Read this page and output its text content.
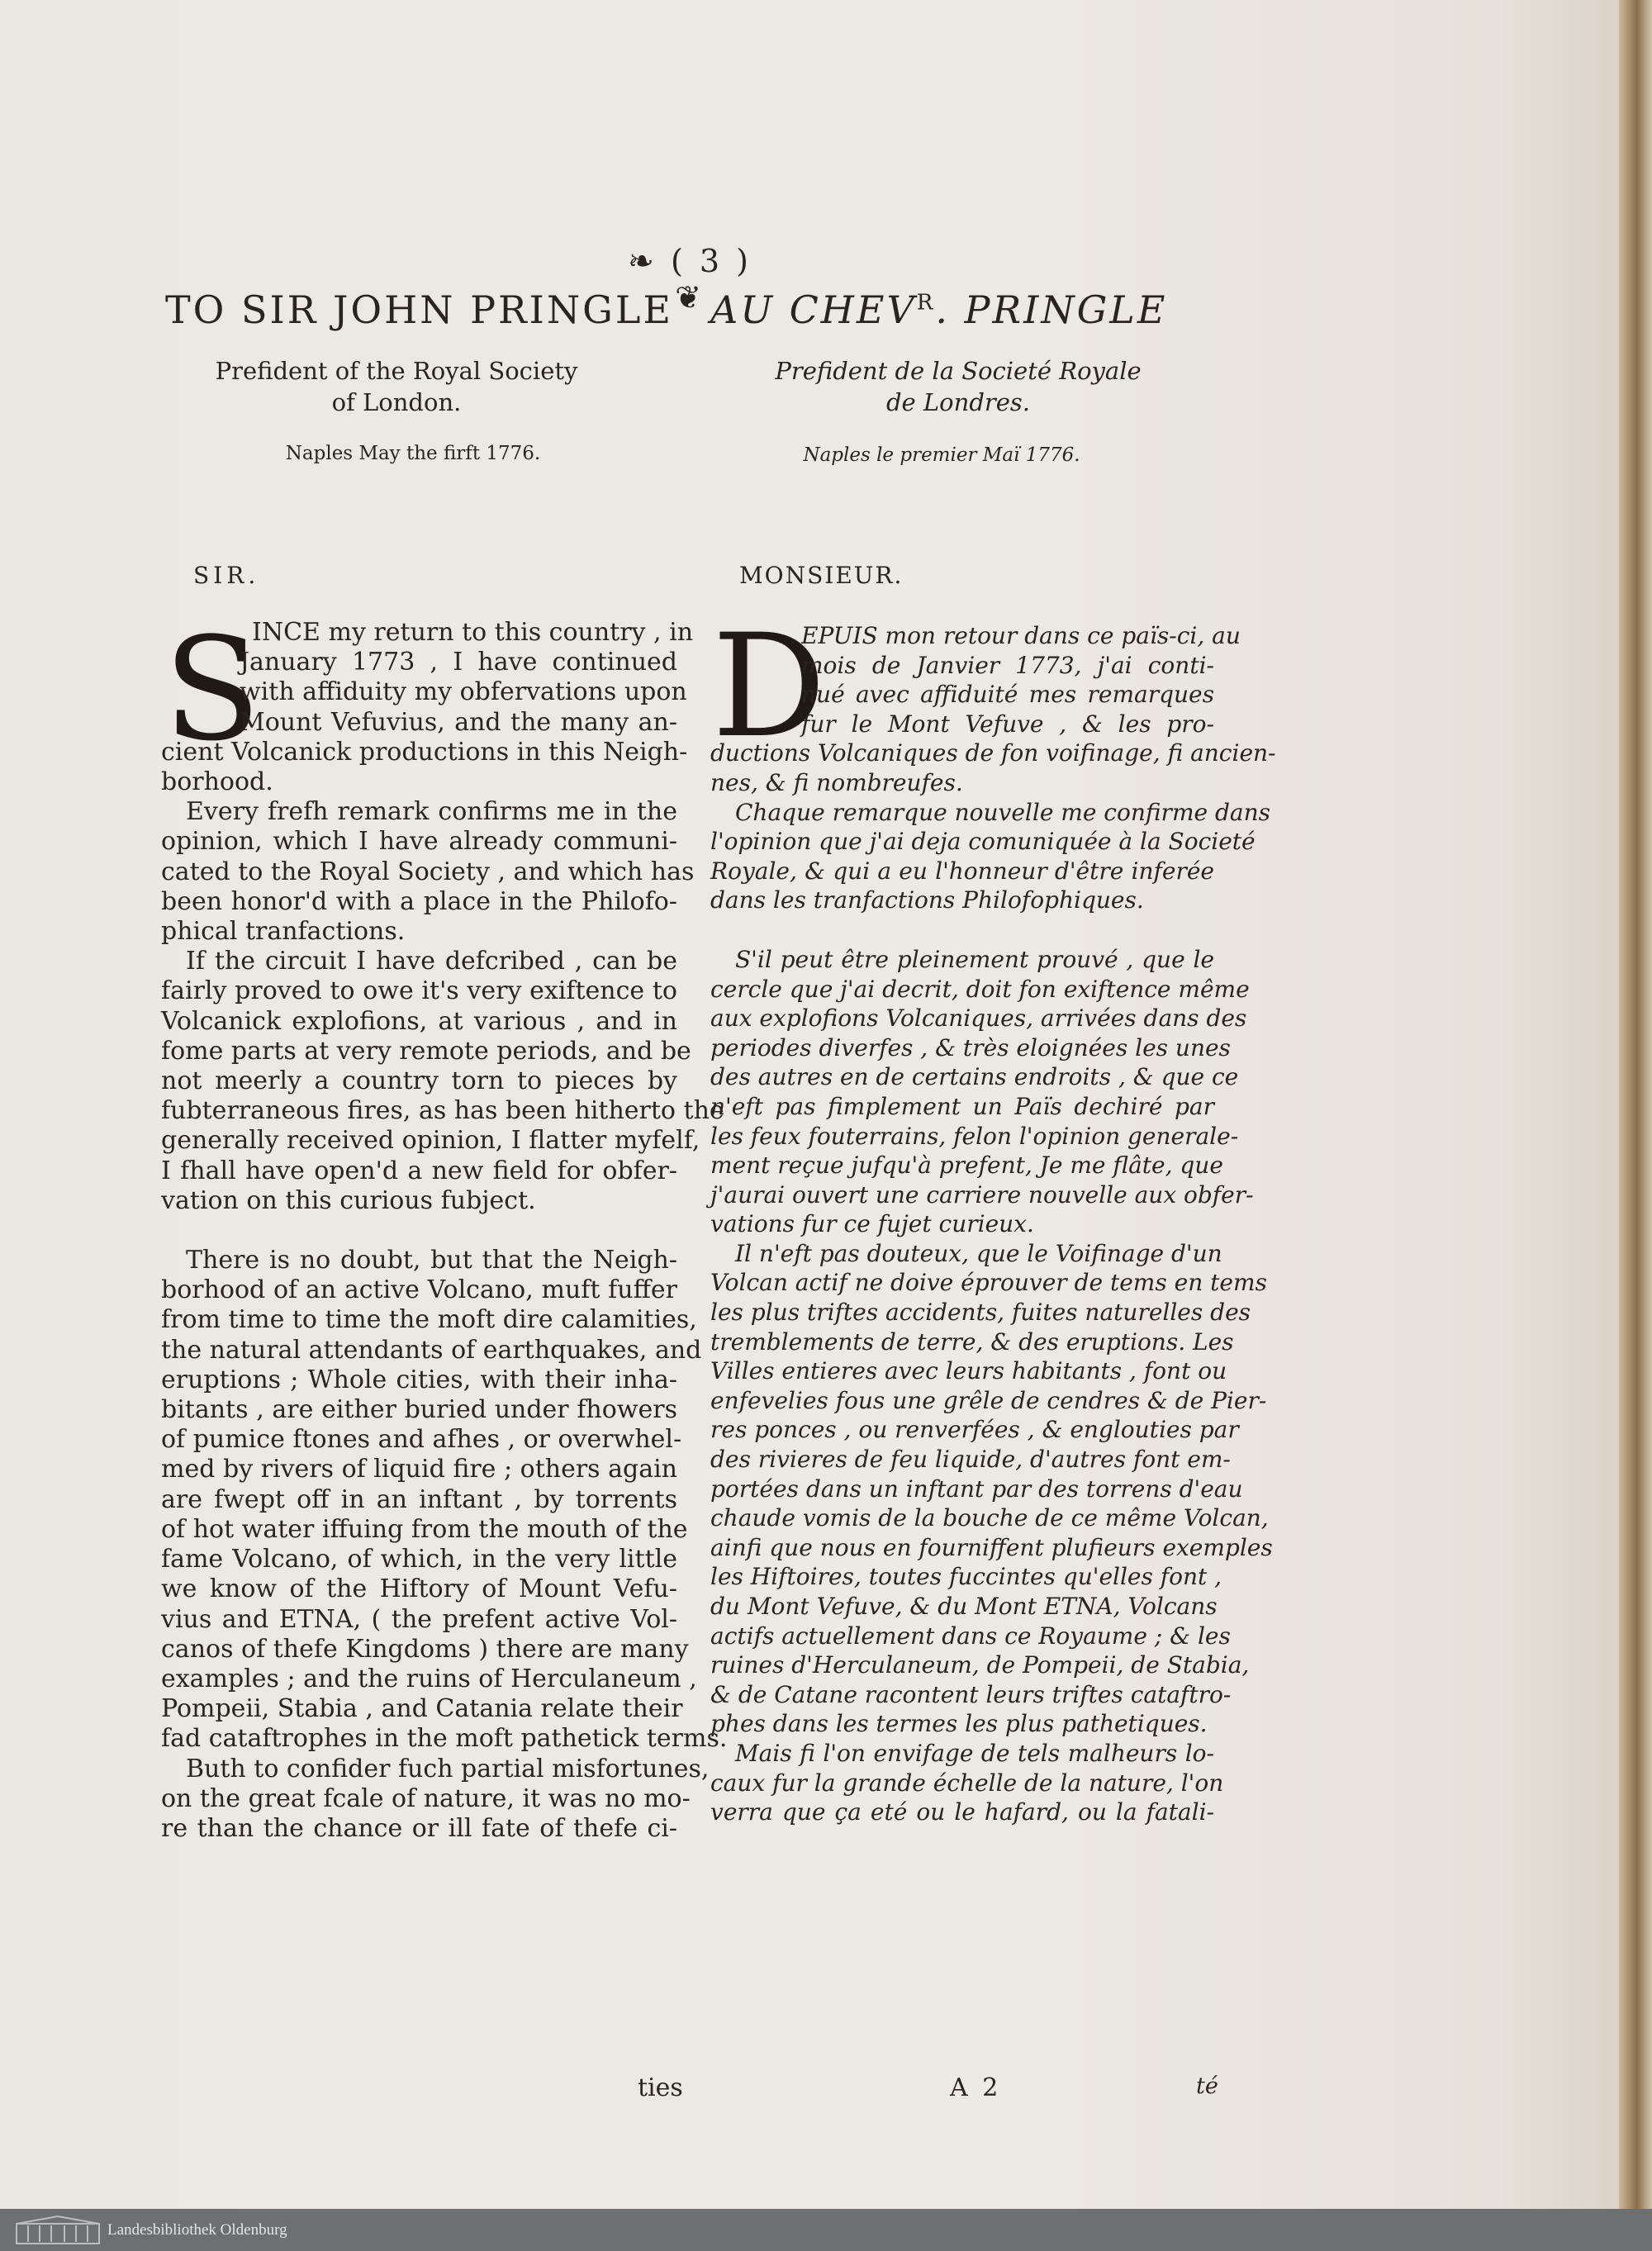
❧ ( 3 ) ❦
TO SIR JOHN PRINGLE AU $CHEV^R$. PRINGLE
Prefident of the Royal Society
of London.
Prefident de la Societé Royale
de Londres.
Naples May the firft 1776.	Naples le premier Maï 1776.
SIR.	MONSIEUR.
S	D
INCE my return to this country , in
January 1773 , I have continued
with affiduity my obfervations upon
Mount Vefuvius, and the many an-
cient Volcanick productions in this Neigh-
borhood.
Every frefh remark confirms me in the
opinion, which I have already communi-
cated to the Royal Society , and which has
been honor'd with a place in the Philofo-
phical tranfactions.
If the circuit I have defcribed , can be
fairly proved to owe it's very exiftence to
Volcanick explofions, at various , and in
fome parts at very remote periods, and be
not meerly a country torn to pieces by
fubterraneous fires, as has been hitherto the
generally received opinion, I flatter myfelf,
I fhall have open'd a new field for obfer-
vation on this curious fubject.
There is no doubt, but that the Neigh-
borhood of an active Volcano, muft fuffer
from time to time the moft dire calamities,
the natural attendants of earthquakes, and
eruptions ; Whole cities, with their inha-
bitants , are either buried under fhowers
of pumice ftones and afhes , or overwhel-
med by rivers of liquid fire ; others again
are fwept off in an inftant , by torrents
of hot water iffuing from the mouth of the
fame Volcano, of which, in the very little
we know of the Hiftory of Mount Vefu-
vius and ETNA, ( the prefent active Vol-
canos of thefe Kingdoms ) there are many
examples ; and the ruins of Herculaneum ,
Pompeii, Stabia , and Catania relate their
fad cataftrophes in the moft pathetick terms.
Buth to confider fuch partial misfortunes,
on the great fcale of nature, it was no mo-
re than the chance or ill fate of thefe ci-
EPUIS mon retour dans ce païs-ci, au
mois de Janvier 1773, j'ai conti-
nué avec affiduité mes remarques
fur le Mont Vefuve , & les pro-
ductions Volcaniques de fon voifinage, fi ancien-
nes, & fi nombreufes.
Chaque remarque nouvelle me confirme dans
l'opinion que j'ai deja comuniquée à la Societé
Royale, & qui a eu l'honneur d'être inferée
dans les tranfactions Philofophiques.
S'il peut être pleinement prouvé , que le
cercle que j'ai decrit, doit fon exiftence même
aux explofions Volcaniques, arrivées dans des
periodes diverfes , & très eloignées les unes
des autres en de certains endroits , & que ce
n'eft pas fimplement un Païs dechiré par
les feux fouterrains, felon l'opinion generale-
ment reçue jufqu'à prefent, Je me flâte, que
j'aurai ouvert une carriere nouvelle aux obfer-
vations fur ce fujet curieux.
Il n'eft pas douteux, que le Voifinage d'un
Volcan actif ne doive éprouver de tems en tems
les plus triftes accidents, fuites naturelles des
tremblements de terre, & des eruptions. Les
Villes entieres avec leurs habitants , font ou
enfevelies fous une grêle de cendres & de Pier-
res ponces , ou renverfées , & englouties par
des rivieres de feu liquide, d'autres font em-
portées dans un inftant par des torrens d'eau
chaude vomis de la bouche de ce même Volcan,
ainfi que nous en fourniffent plufieurs exemples
les Hiftoires, toutes fuccintes qu'elles font ,
du Mont Vefuve, & du Mont ETNA, Volcans
actifs actuellement dans ce Royaume ; & les
ruines d'Herculaneum, de Pompeii, de Stabia,
& de Catane racontent leurs triftes cataftro-
phes dans les termes les plus pathetiques.
Mais fi l'on envifage de tels malheurs lo-
caux fur la grande échelle de la nature, l'on
verra que ça eté ou le hafard, ou la fatali-
ties	A 2	té
Landesbibliothek Oldenburg
